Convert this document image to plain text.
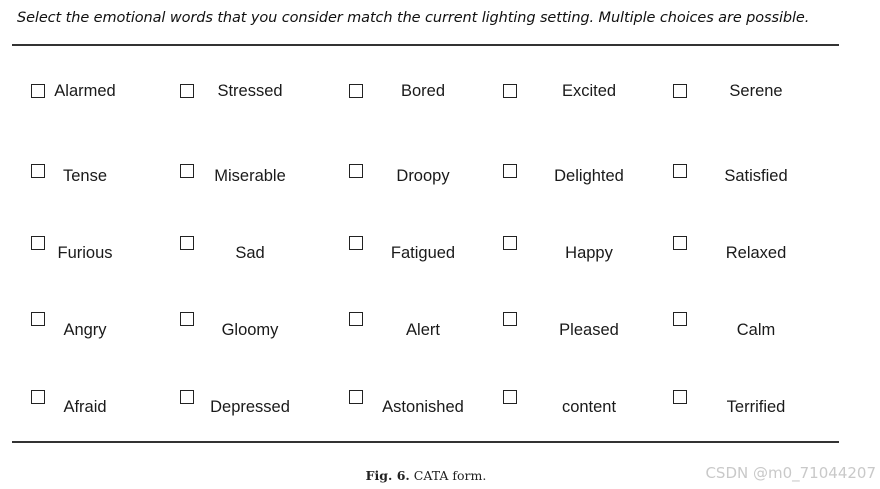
Select the emotional words that you consider match the current lighting setting. Multiple choices are possible.
Alarmed	Stressed	Bored	Excited	Serene
Tense	Miserable	Droopy	Delighted	Satisfied
Furious	Sad	Fatigued	Happy	Relaxed
Angry	Gloomy	Alert	Pleased	Calm
Afraid	Depressed	Astonished	content	Terrified
Fig. 6. CATA form.	CSDN @m0_71044207
